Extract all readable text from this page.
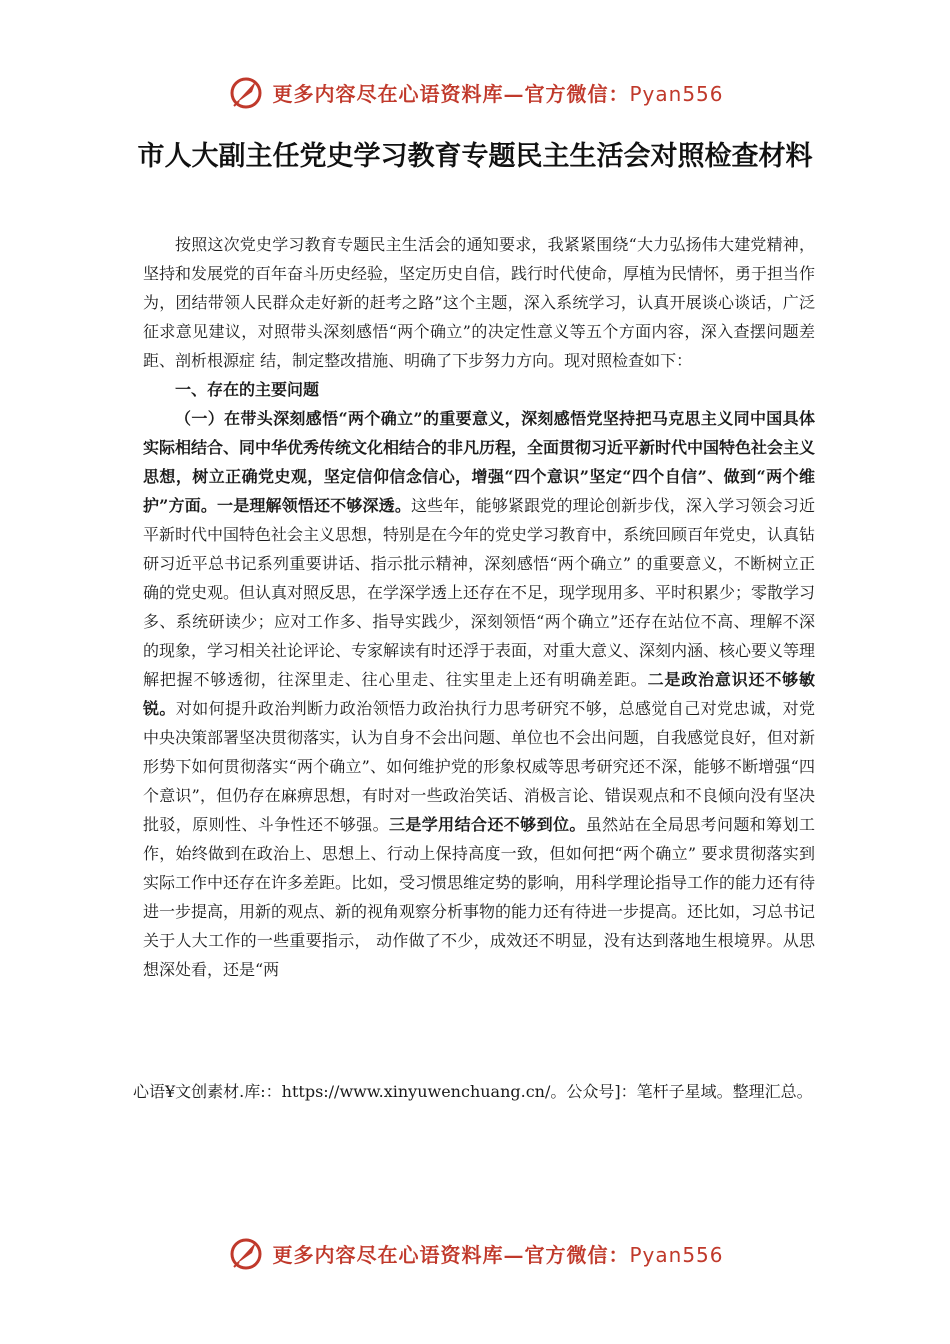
更多内容尽在心语资料库—官方微信：Pyan556
市人大副主任党史学习教育专题民主生活会对照检查材料

按照这次党史学习教育专题民主生活会的通知要求，我紧紧围绕“大力弘扬伟大建党精神，坚持和发展党的百年奋斗历史经验，坚定历史自信，践行时代使命，厚植为民情怀，勇于担当作为，团结带领人民群众走好新的赶考之路”这个主题，深入系统学习，认真开展谈心谈话，广泛征求意见建议，对照带头深刻感悟“两个确立”的决定性意义等五个方面内容，深入查摆问题差距、剖析根源症 结，制定整改措施、明确了下步努力方向。现对照检查如下：

一、存在的主要问题

（一）在带头深刻感悟“两个确立”的重要意义，深刻感悟党坚持把马克思主义同中国具体实际相结合、同中华优秀传统文化相结合的非凡历程，全面贯彻习近平新时代中国特色社会主义思想，树立正确党史观，坚定信仰信念信心，增强“四个意识”坚定“四个自信”、做到“两个维护”方面。一是理解领悟还不够深透。这些年，能够紧跟党的理论创新步伐，深入学习领会习近平新时代中国特色社会主义思想，特别是在今年的党史学习教育中，系统回顾百年党史，认真钻研习近平总书记系列重要讲话、指示批示精神，深刻感悟“两个确立” 的重要意义，不断树立正确的党史观。但认真对照反思，在学深学透上还存在不足，现学现用多、平时积累少；零散学习多、系统研读少；应对工作多、指导实践少，深刻领悟“两个确立”还存在站位不高、理解不深的现象，学习相关社论评论、专家解读有时还浮于表面，对重大意义、深刻内涵、核心要义等理解把握不够透彻，往深里走、往心里走、往实里走上还有明确差距。二是政治意识还不够敏锐。对如何提升政治判断力政治领悟力政治执行力思考研究不够，总感觉自己对党忠诚，对党中央决策部署坚决贯彻落实，认为自身不会出问题、单位也不会出问题，自我感觉良好，但对新形势下如何贯彻落实“两个确立”、如何维护党的形象权威等思考研究还不深，能够不断增强“四个意识”，但仍存在麻痹思想，有时对一些政治笑话、消极言论、错误观点和不良倾向没有坚决批驳，原则性、斗争性还不够强。三是学用结合还不够到位。虽然站在全局思考问题和筹划工作，始终做到在政治上、思想上、行动上保持高度一致，但如何把“两个确立” 要求贯彻落实到实际工作中还存在许多差距。比如，受习惯思维定势的影响，用科学理论指导工作的能力还有待进一步提高，用新的观点、新的视角观察分析事物的能力还有待进一步提高。还比如，习总书记关于人大工作的一些重要指示， 动作做了不少，成效还不明显，没有达到落地生根境界。从思想深处看，还是“两

心语¥文创素材.库:：https://www.xinyuwenchuang.cn/。公众号]：笔杆子星域。整理汇总。
更多内容尽在心语资料库—官方微信：Pyan556
